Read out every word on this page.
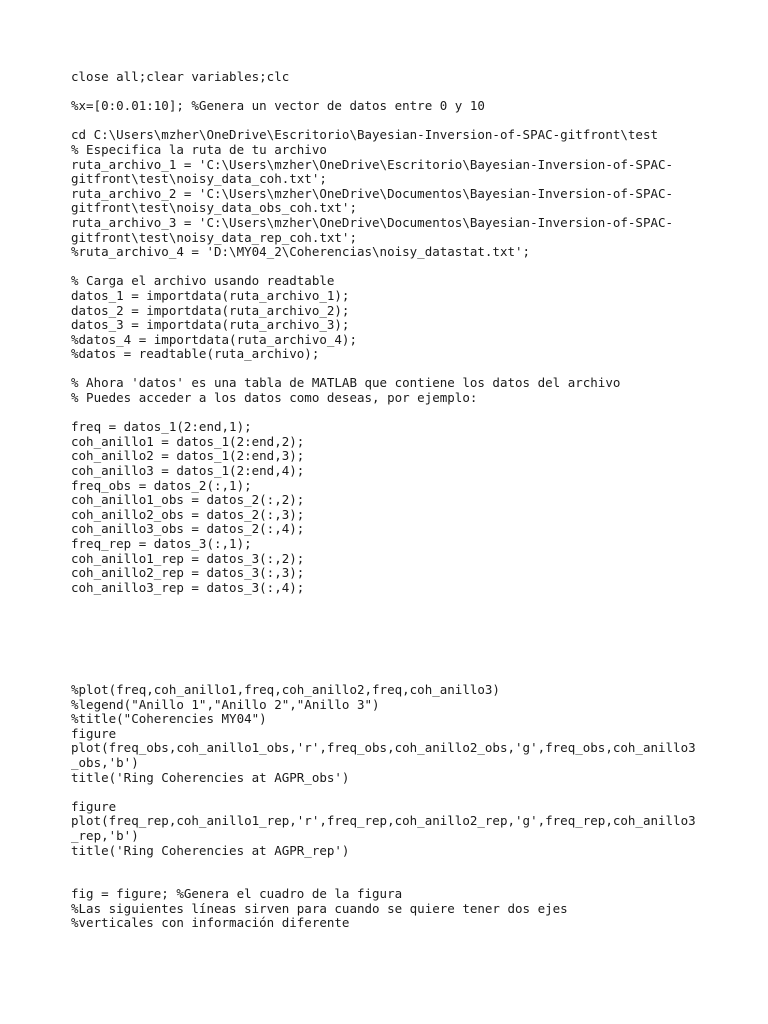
close all;clear variables;clc
%x=[0:0.01:10]; %Genera un vector de datos entre 0 y 10
cd C:\Users\mzher\OneDrive\Escritorio\Bayesian-Inversion-of-SPAC-gitfront\test
% Especifica la ruta de tu archivo
ruta_archivo_1 = 'C:\Users\mzher\OneDrive\Escritorio\Bayesian-Inversion-of-SPAC-
gitfront\test\noisy_data_coh.txt';
ruta_archivo_2 = 'C:\Users\mzher\OneDrive\Documentos\Bayesian-Inversion-of-SPAC-
gitfront\test\noisy_data_obs_coh.txt';
ruta_archivo_3 = 'C:\Users\mzher\OneDrive\Documentos\Bayesian-Inversion-of-SPAC-
gitfront\test\noisy_data_rep_coh.txt';
%ruta_archivo_4 = 'D:\MY04_2\Coherencias\noisy_datastat.txt';
% Carga el archivo usando readtable
datos_1 = importdata(ruta_archivo_1);
datos_2 = importdata(ruta_archivo_2);
datos_3 = importdata(ruta_archivo_3);
%datos_4 = importdata(ruta_archivo_4);
%datos = readtable(ruta_archivo);
% Ahora 'datos' es una tabla de MATLAB que contiene los datos del archivo
% Puedes acceder a los datos como deseas, por ejemplo:
freq = datos_1(2:end,1);
coh_anillo1 = datos_1(2:end,2);
coh_anillo2 = datos_1(2:end,3);
coh_anillo3 = datos_1(2:end,4);
freq_obs = datos_2(:,1);
coh_anillo1_obs = datos_2(:,2);
coh_anillo2_obs = datos_2(:,3);
coh_anillo3_obs = datos_2(:,4);
freq_rep = datos_3(:,1);
coh_anillo1_rep = datos_3(:,2);
coh_anillo2_rep = datos_3(:,3);
coh_anillo3_rep = datos_3(:,4);
%plot(freq,coh_anillo1,freq,coh_anillo2,freq,coh_anillo3)
%legend("Anillo 1","Anillo 2","Anillo 3")
%title("Coherencies MY04")
figure
plot(freq_obs,coh_anillo1_obs,'r',freq_obs,coh_anillo2_obs,'g',freq_obs,coh_anillo3
_obs,'b')
title('Ring Coherencies at AGPR_obs')
figure
plot(freq_rep,coh_anillo1_rep,'r',freq_rep,coh_anillo2_rep,'g',freq_rep,coh_anillo3
_rep,'b')
title('Ring Coherencies at AGPR_rep')
fig = figure; %Genera el cuadro de la figura
%Las siguientes líneas sirven para cuando se quiere tener dos ejes
%verticales con información diferente
